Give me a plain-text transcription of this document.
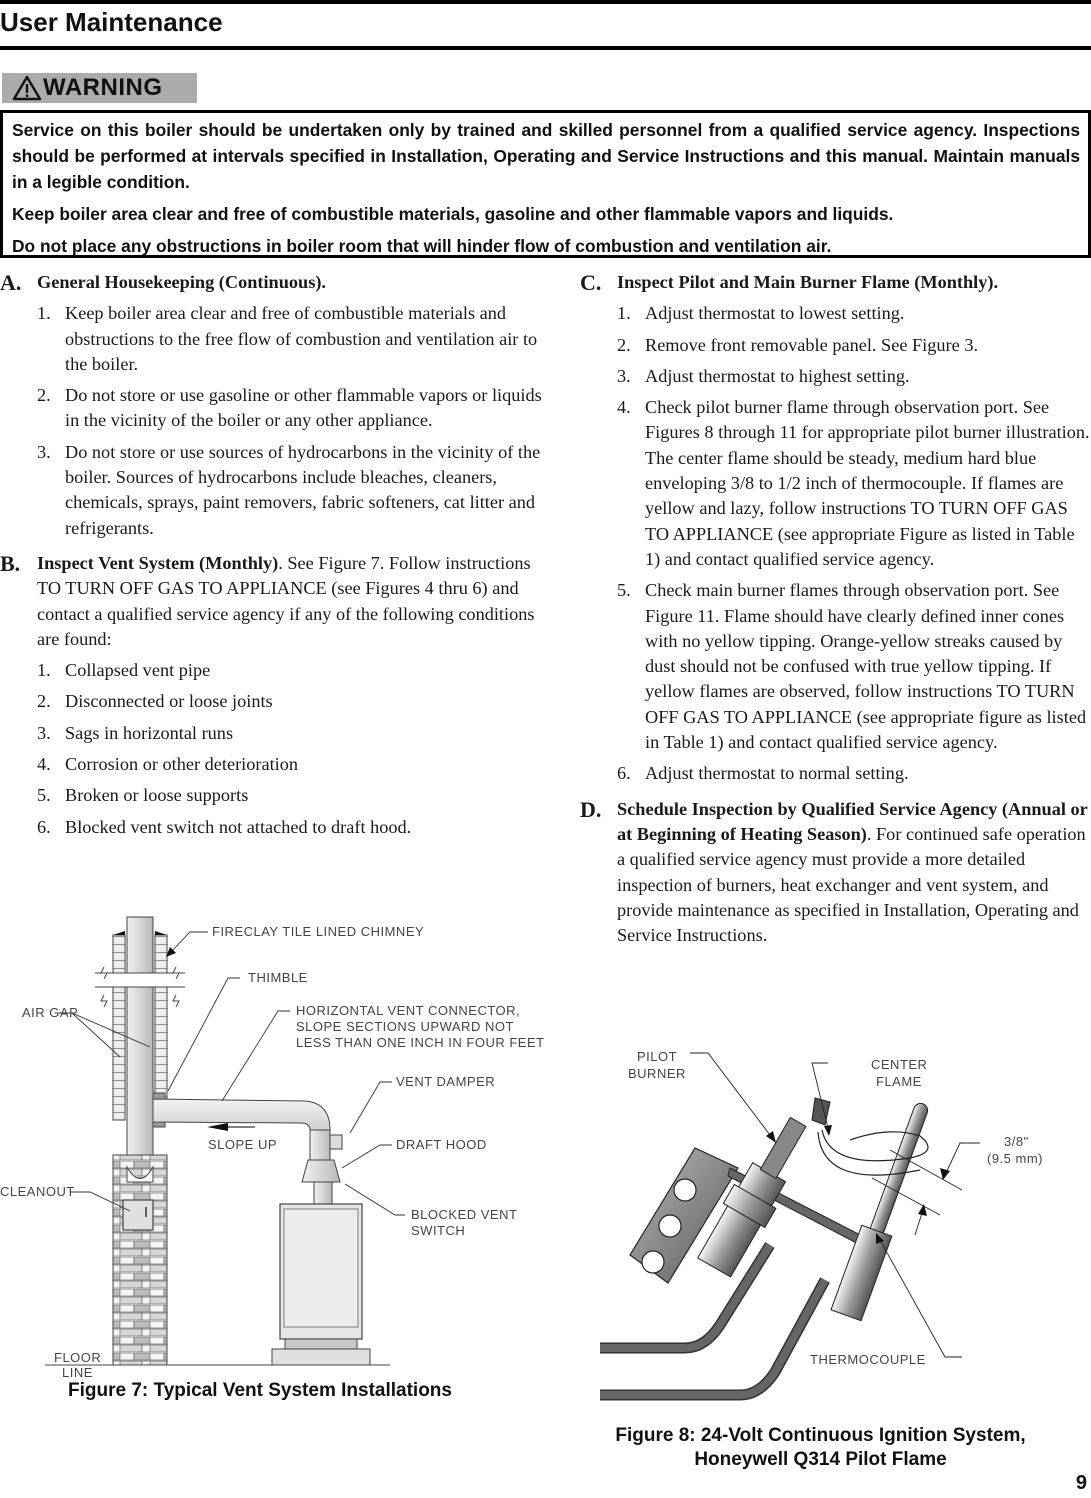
User Maintenance
WARNING

Service on this boiler should be undertaken only by trained and skilled personnel from a qualified service agency. Inspections should be performed at intervals specified in Installation, Operating and Service Instructions and this manual. Maintain manuals in a legible condition.

Keep boiler area clear and free of combustible materials, gasoline and other flammable vapors and liquids.

Do not place any obstructions in boiler room that will hinder flow of combustion and ventilation air.

A. General Housekeeping (Continuous).
1. Keep boiler area clear and free of combustible materials and obstructions to the free flow of combustion and ventilation air to the boiler.
2. Do not store or use gasoline or other flammable vapors or liquids in the vicinity of the boiler or any other appliance.
3. Do not store or use sources of hydrocarbons in the vicinity of the boiler. Sources of hydrocarbons include bleaches, cleaners, chemicals, sprays, paint removers, fabric softeners, cat litter and refrigerants.
B. Inspect Vent System (Monthly). See Figure 7. Follow instructions TO TURN OFF GAS TO APPLIANCE (see Figures 4 thru 6) and contact a qualified service agency if any of the following conditions are found:
1. Collapsed vent pipe
2. Disconnected or loose joints
3. Sags in horizontal runs
4. Corrosion or other deterioration
5. Broken or loose supports
6. Blocked vent switch not attached to draft hood.
C. Inspect Pilot and Main Burner Flame (Monthly).
1. Adjust thermostat to lowest setting.
2. Remove front removable panel. See Figure 3.
3. Adjust thermostat to highest setting.
4. Check pilot burner flame through observation port. See Figures 8 through 11 for appropriate pilot burner illustration. The center flame should be steady, medium hard blue enveloping 3/8 to 1/2 inch of thermocouple. If flames are yellow and lazy, follow instructions TO TURN OFF GAS TO APPLIANCE (see appropriate Figure as listed in Table 1) and contact qualified service agency.
5. Check main burner flames through observation port. See Figure 11. Flame should have clearly defined inner cones with no yellow tipping. Orange-yellow streaks caused by dust should not be confused with true yellow tipping. If yellow flames are observed, follow instructions TO TURN OFF GAS TO APPLIANCE (see appropriate figure as listed in Table 1) and contact qualified service agency.
6. Adjust thermostat to normal setting.
D. Schedule Inspection by Qualified Service Agency (Annual or at Beginning of Heating Season). For continued safe operation a qualified service agency must provide a more detailed inspection of burners, heat exchanger and vent system, and provide maintenance as specified in Installation, Operating and Service Instructions.
FIRECLAY TILE LINED CHIMNEY
THIMBLE
HORIZONTAL VENT CONNECTOR,
SLOPE SECTIONS UPWARD NOT
LESS THAN ONE INCH IN FOUR FEET
AIR GAP
VENT DAMPER
SLOPE UP	DRAFT HOOD
CLEANOUT
BLOCKED VENT
SWITCH
FLOOR
LINE
Figure 7: Typical Vent System Installations
PILOT
BURNER
CENTER
FLAME
3/8"
(9.5 mm)
THERMOCOUPLE
Figure 8: 24-Volt Continuous Ignition System,
Honeywell Q314 Pilot Flame
9
